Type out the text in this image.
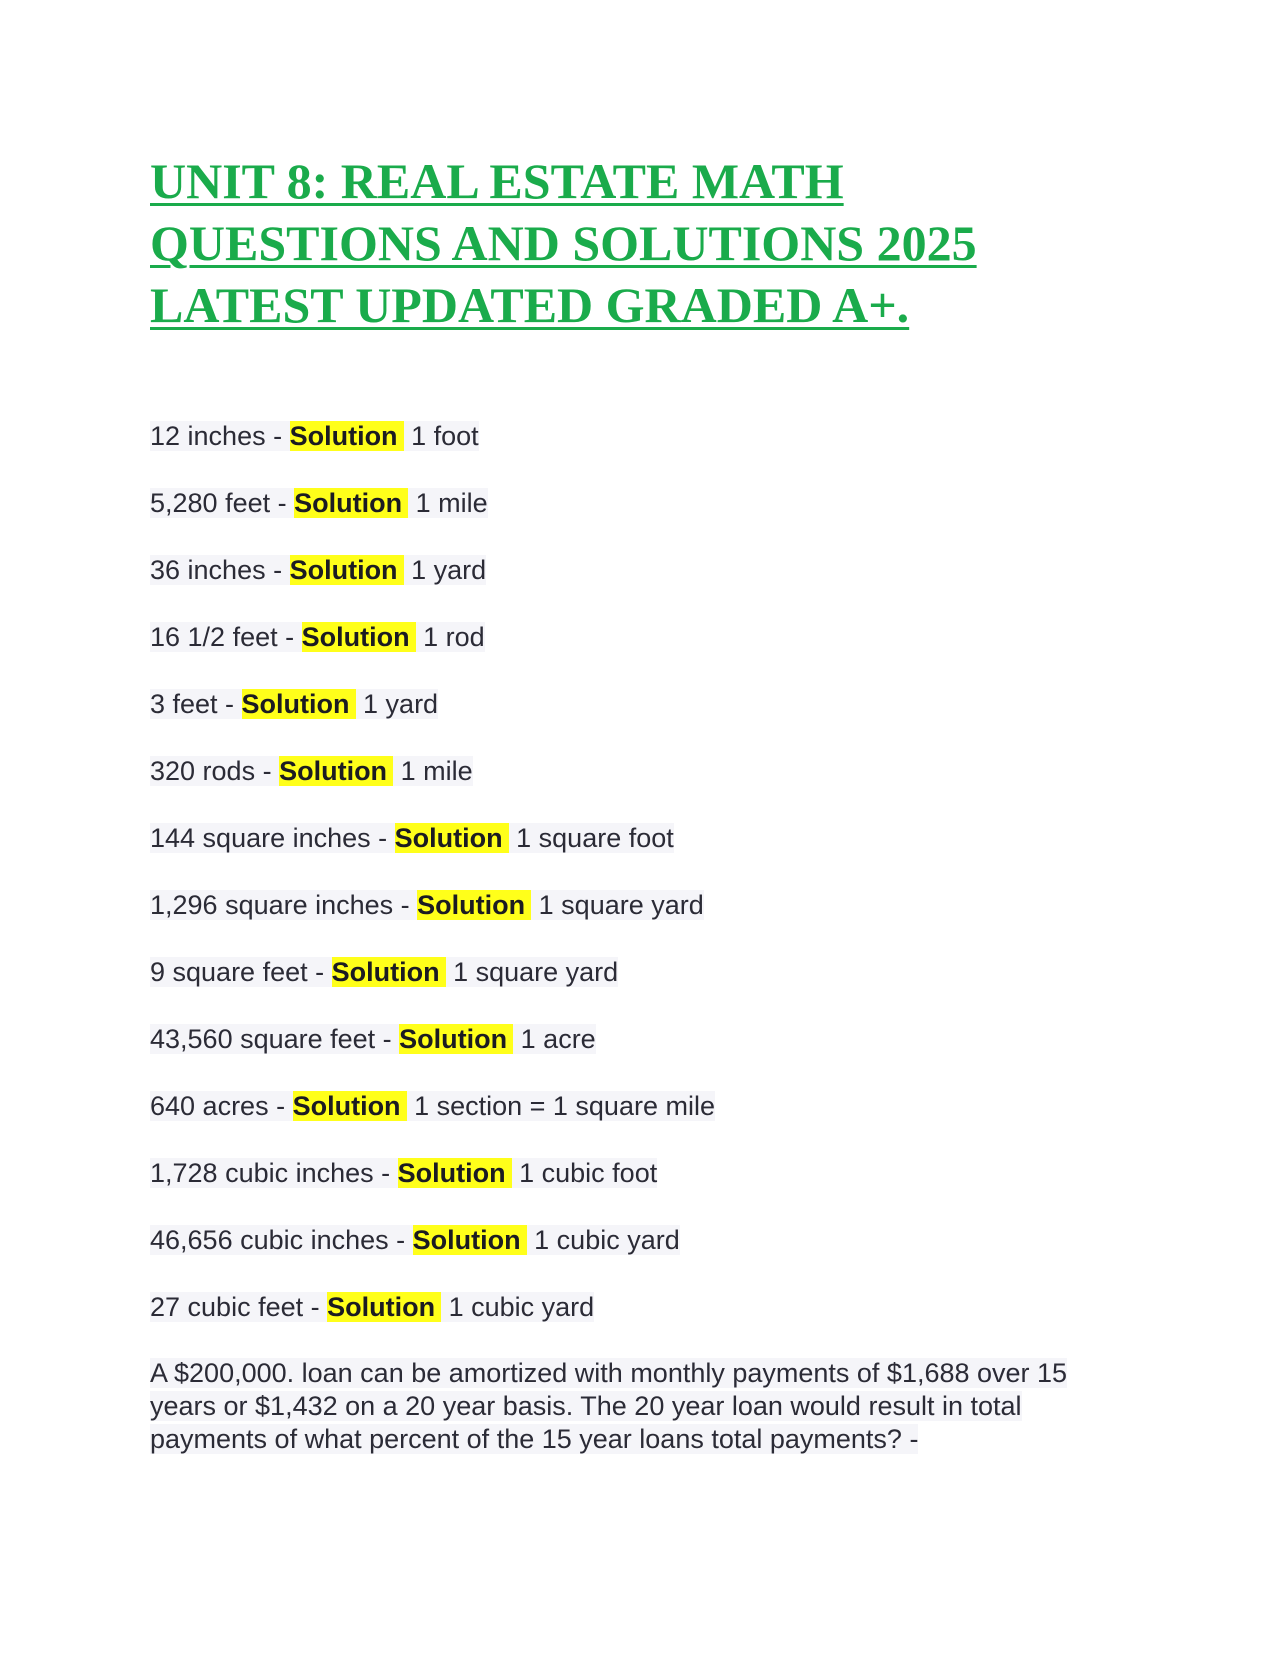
UNIT 8: REAL ESTATE MATH
QUESTIONS AND SOLUTIONS 2025
LATEST UPDATED GRADED A+.
12 inches - Solution 1 foot
5,280 feet - Solution 1 mile
36 inches - Solution 1 yard
16 1/2 feet - Solution 1 rod
3 feet - Solution 1 yard
320 rods - Solution 1 mile
144 square inches - Solution 1 square foot
1,296 square inches - Solution 1 square yard
9 square feet - Solution 1 square yard
43,560 square feet - Solution 1 acre
640 acres - Solution 1 section = 1 square mile
1,728 cubic inches - Solution 1 cubic foot
46,656 cubic inches - Solution 1 cubic yard
27 cubic feet - Solution 1 cubic yard
A $200,000. loan can be amortized with monthly payments of $1,688 over 15 years or $1,432 on a 20 year basis. The 20 year loan would result in total payments of what percent of the 15 year loans total payments? -
